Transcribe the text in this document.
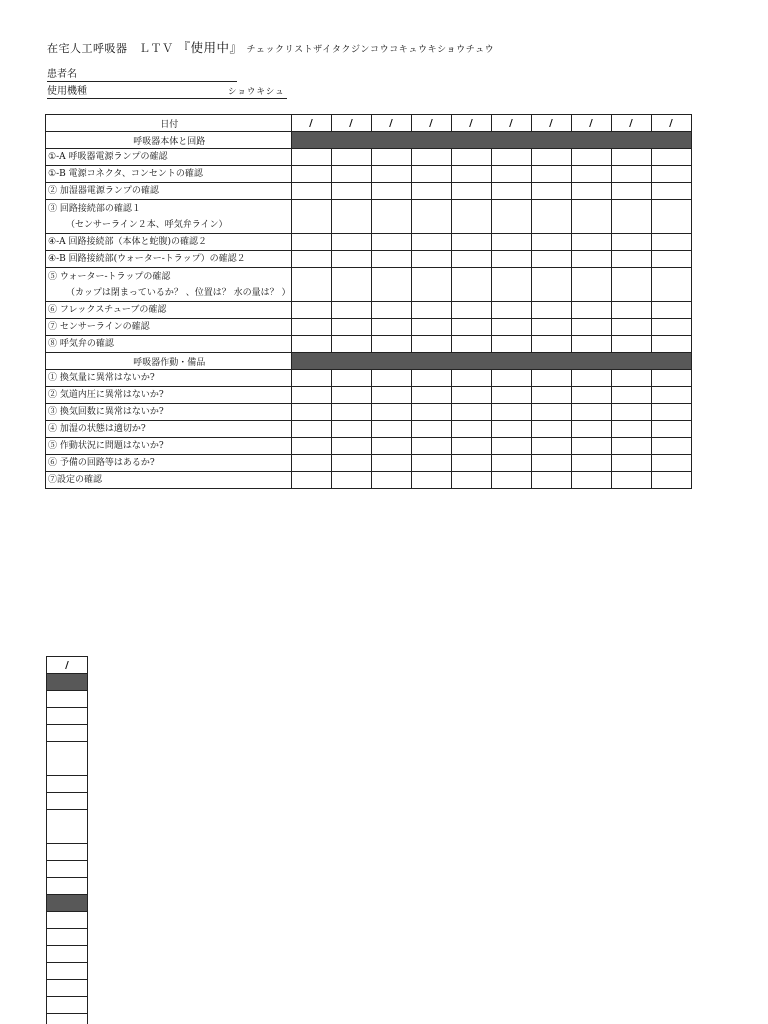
在宅人工呼吸器　ＬＴＶ 『使用中』 チェックリストザイタクジンコウコキュウキショウチュウ
患者名
使用機種	ショウキシュ
日付	/	/	/	/	/	/	/	/	/	/
呼吸器本体と回路										

①-A 呼吸器電源ランプの確認										

①-B 電源コネクタ、コンセントの確認										

② 加湿器電源ランプの確認										

③ 回路接続部の確認１
（センサーライン２本、呼気弁ライン）										

④-A 回路接続部（本体と蛇腹)の確認２										

④-B 回路接続部(ウォーター-トラップ）の確認２										

⑤ ウォーター-トラップの確認
（カップは閉まっているか？ 、位置は？ 水の量は？ ）										

⑥ フレックスチューブの確認										

⑦ センサーラインの確認										

⑧ 呼気弁の確認										

呼吸器作動・備品										

① 換気量に異常はないか?										

② 気道内圧に異常はないか?										

③ 換気回数に異常はないか?										

④ 加湿の状態は適切か?										

⑤ 作動状況に問題はないか?										

⑥ 予備の回路等はあるか?										

⑦設定の確認										

/
